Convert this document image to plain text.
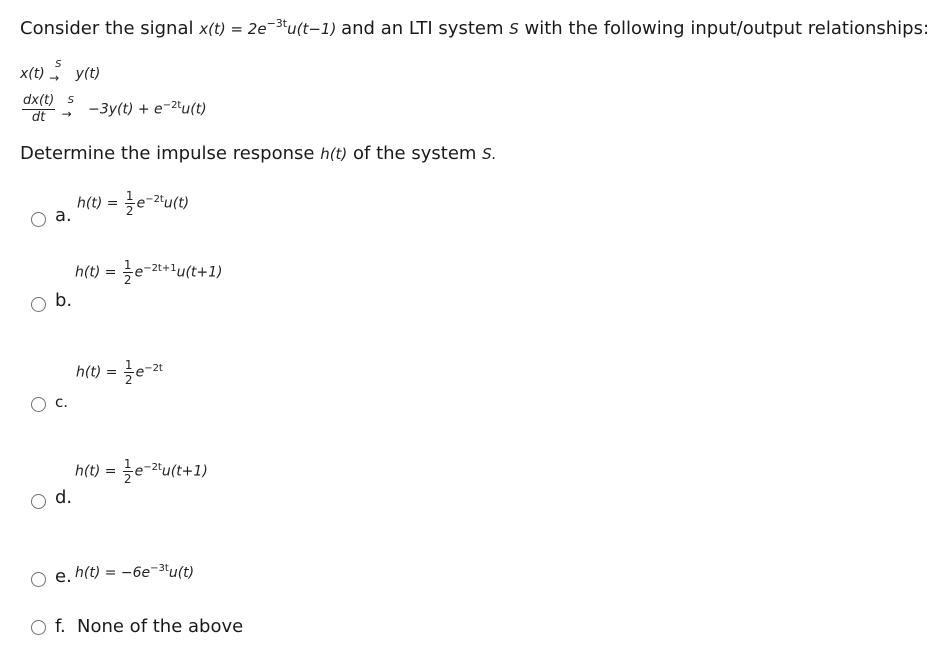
Consider the signal $x(t) = 2e^{-3t}u(t-1)$ and an LTI system S with the following input/output relationships:
x(t)
S
→ y(t)
$\frac{dx(t)}{dt}$
S
→ $-3y(t) + e^{-2t}u(t)$
Determine the impulse response h(t) of the system S.
a.
$h(t) = \frac{1}{2} e^{-2t}u(t)$
b.
$h(t) = \frac{1}{2} e^{-2t+1}u(t+1)$
c.
$h(t) = \frac{1}{2} e^{-2t}$
d.
$h(t) = \frac{1}{2} e^{-2t}u(t+1)$
e. $h(t) = -6e^{-3t}u(t)$
f. None of the above
